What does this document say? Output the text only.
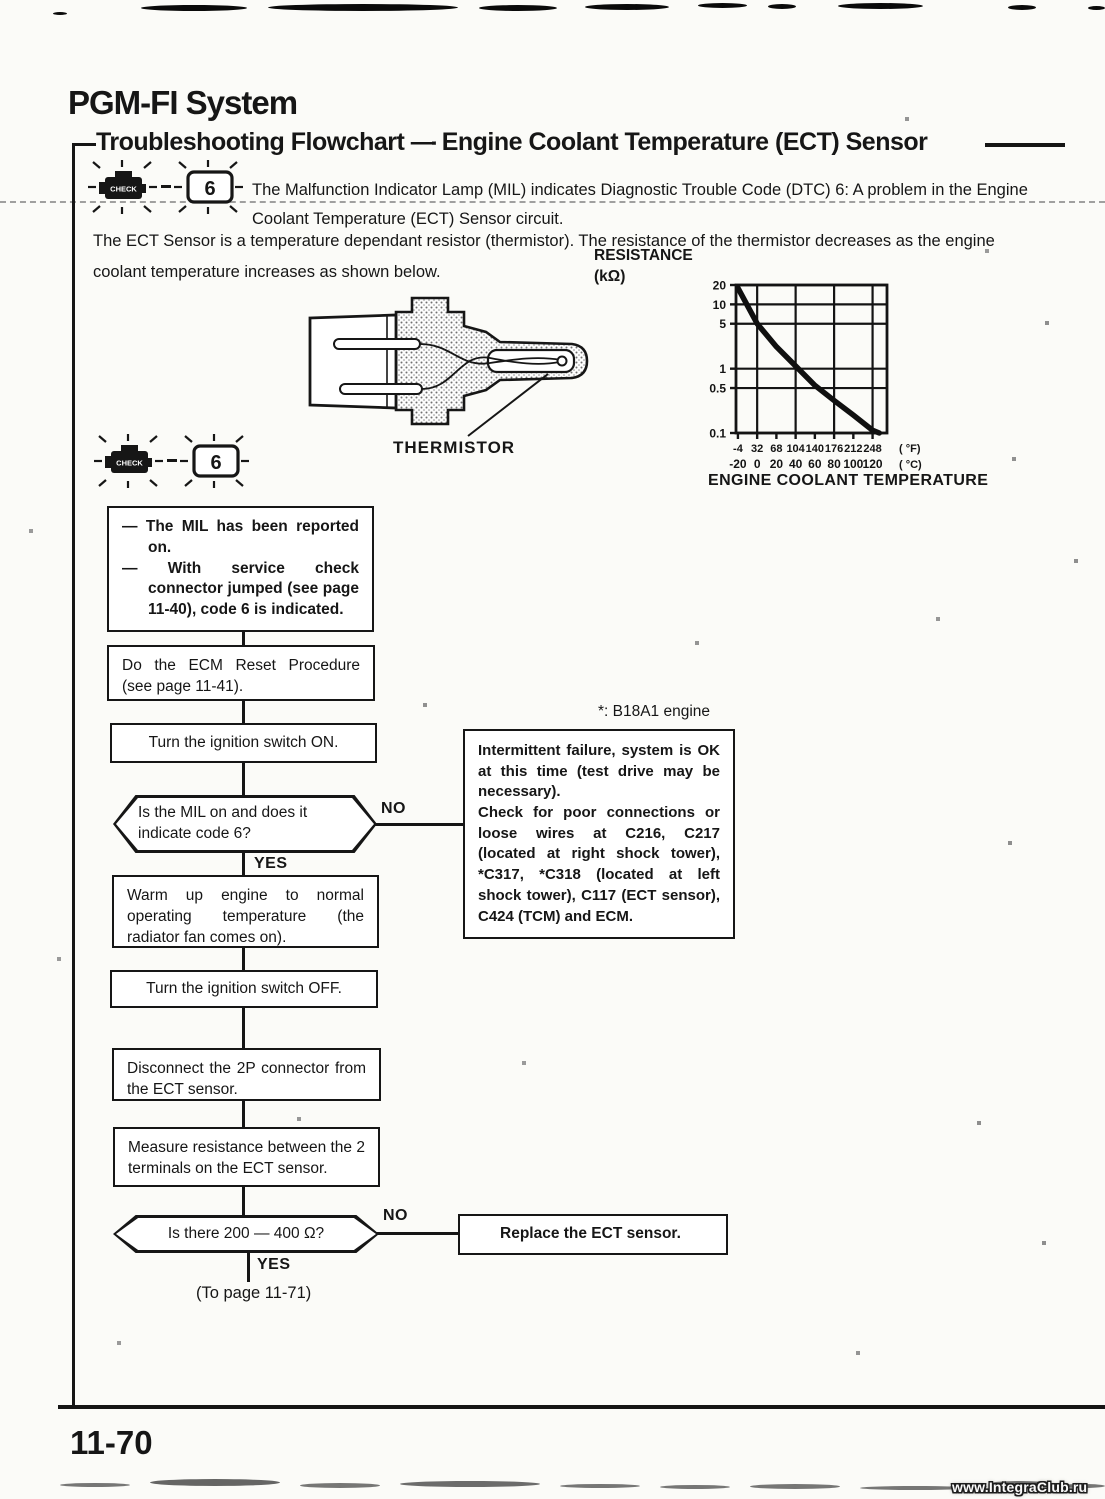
PGM-FI System
Troubleshooting Flowchart — Engine Coolant Temperature (ECT) Sensor
CHECK	6 The Malfunction Indicator Lamp (MIL) indicates Diagnostic Trouble Code (DTC) 6: A problem in the Engine Coolant Temperature (ECT) Sensor circuit.
The ECT Sensor is a temperature dependant resistor (thermistor). The resistance of the thermistor decreases as the engine coolant temperature increases as shown below.
RESISTANCE
(kΩ)
20
10
5
1
0.5
0.1
-4
-20
32
0
68
20
104
40
140
60
176
80
212
100
248
120
( °F)
( °C)
ENGINE COOLANT TEMPERATURE
THERMISTOR
CHECK	6
— The MIL has been reported on.
— With service check connector jumped (see page 11-40), code 6 is indicated.
Do the ECM Reset Procedure (see page 11-41).
Turn the ignition switch ON.
Is the MIL on and does it indicate code 6?
NO
YES
*: B18A1 engine
Intermittent failure, system is OK at this time (test drive may be necessary).
Check for poor connections or loose wires at C216, C217 (located at right shock tower), *C317, *C318 (located at left shock tower), C117 (ECT sensor), C424 (TCM) and ECM.
Warm up engine to normal operating temperature (the radiator fan comes on).
Turn the ignition switch OFF.
Disconnect the 2P connector from the ECT sensor.
Measure resistance between the 2 terminals on the ECT sensor.
Is there 200 — 400 Ω?
NO
YES
Replace the ECT sensor.
(To page 11-71)
11-70
www.IntegraClub.ru
